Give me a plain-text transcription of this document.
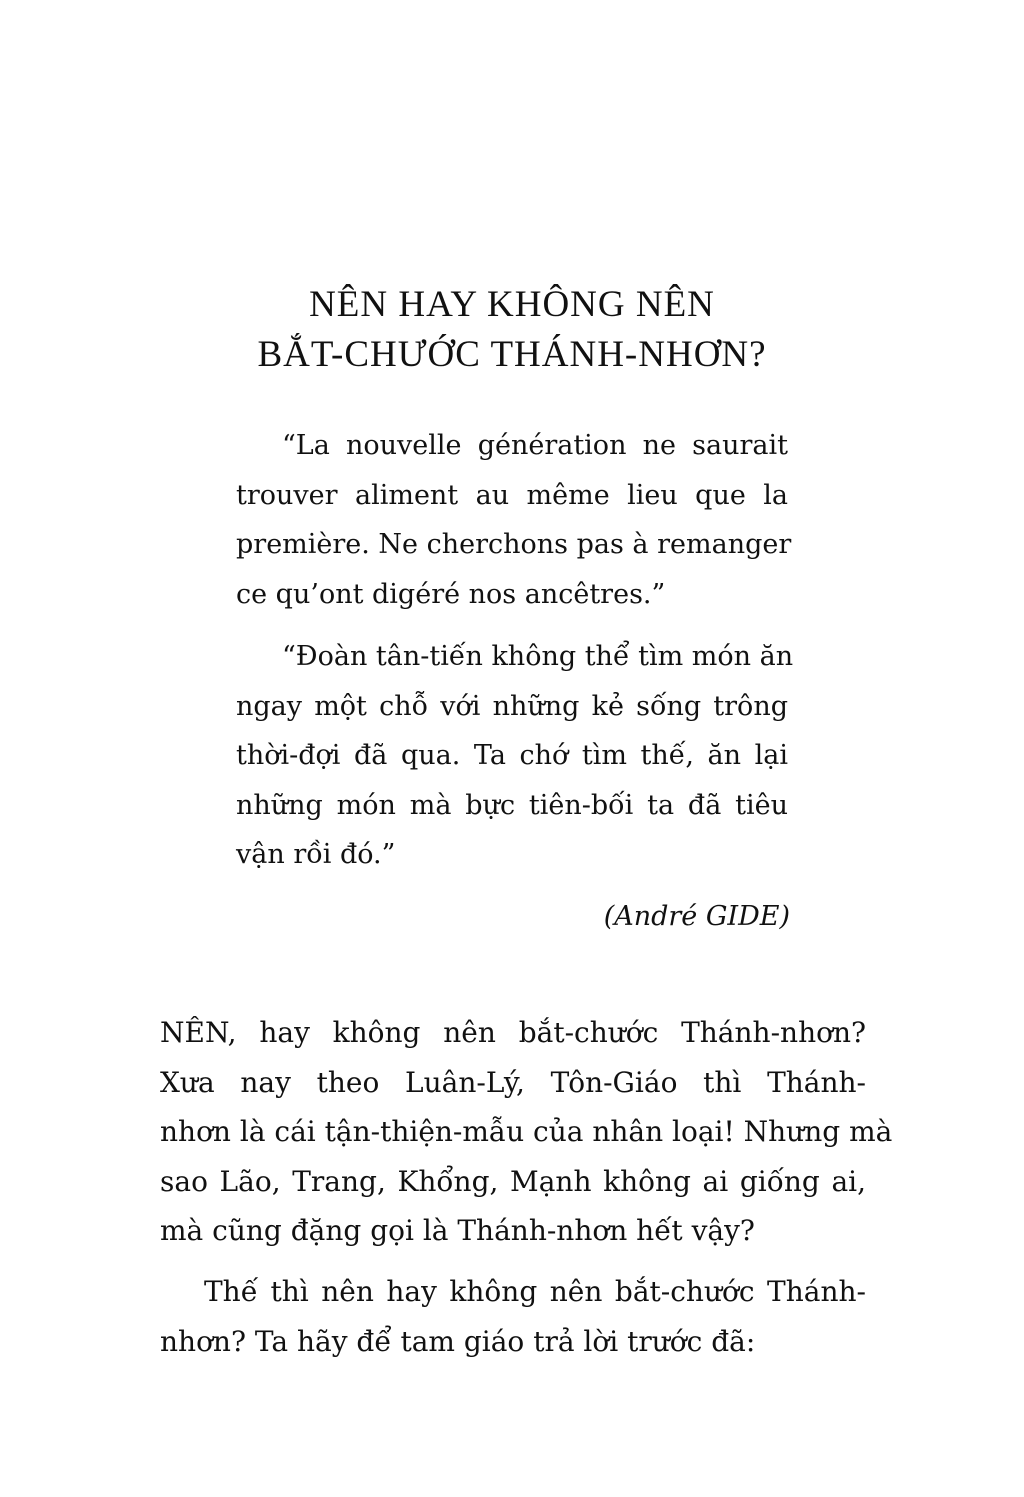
NÊN HAY KHÔNG NÊN
BẮT-CHƯỚC THÁNH-NHƠN?
“La nouvelle génération ne saurait
trouver aliment au même lieu que la
première. Ne cherchons pas à remanger
ce qu’ont digéré nos ancêtres.”
“Đoàn tân-tiến không thể tìm món ăn
ngay một chỗ với những kẻ sống trông
thời-đợi đã qua. Ta chớ tìm thế, ăn lại
những món mà bực tiên-bối ta đã tiêu
vận rồi đó.”

(André GIDE)

NÊN, hay không nên bắt-chước Thánh-nhơn?
Xưa nay theo Luân-Lý, Tôn-Giáo thì Thánh-
nhơn là cái tận-thiện-mẫu của nhân loại! Nhưng mà
sao Lão, Trang, Khổng, Mạnh không ai giống ai,
mà cũng đặng gọi là Thánh-nhơn hết vậy?
Thế thì nên hay không nên bắt-chước Thánh-
nhơn? Ta hãy để tam giáo trả lời trước đã:
